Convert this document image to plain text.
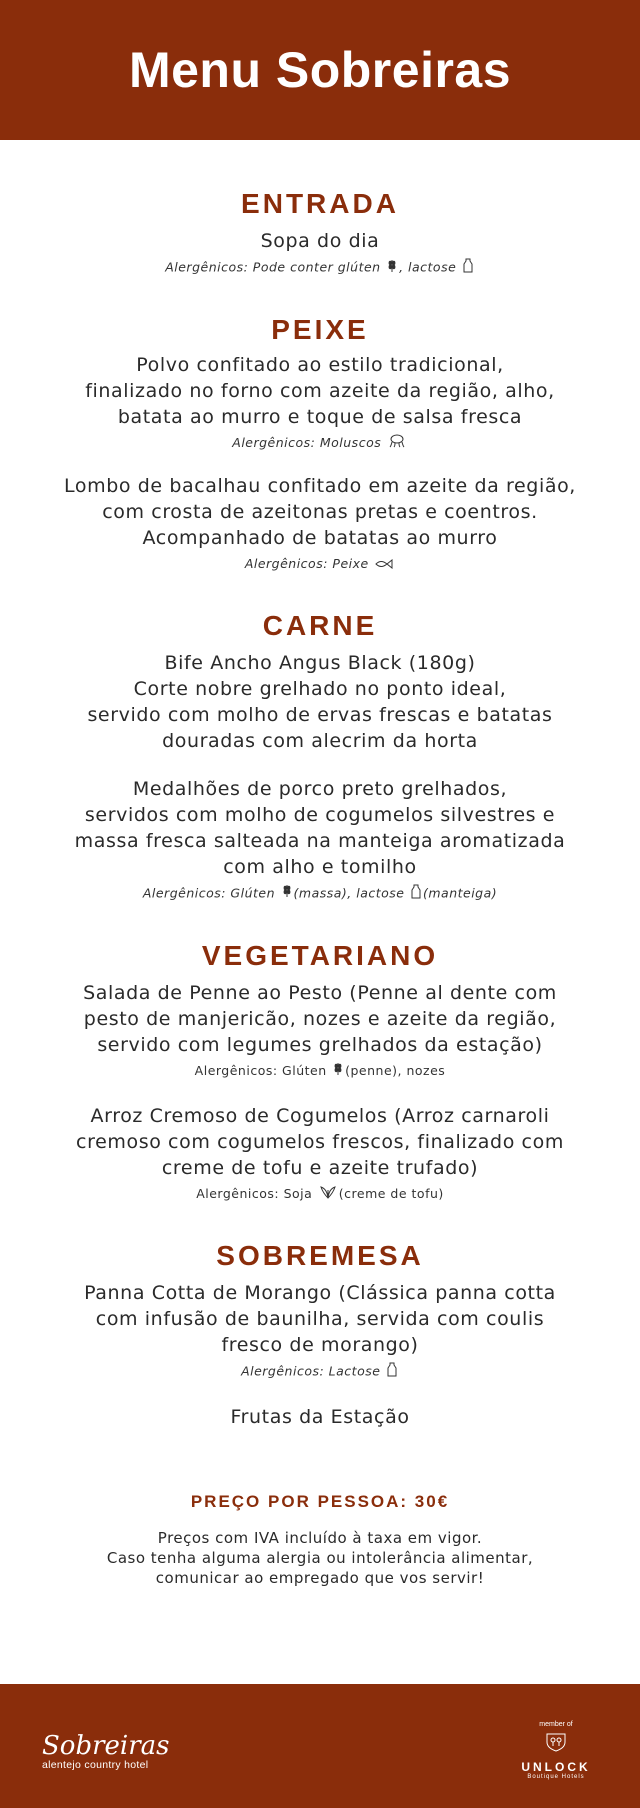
Menu Sobreiras
ENTRADA

Sopa do dia

Alergênicos: Pode conter glúten , lactose

PEIXE

Polvo confitado ao estilo tradicional,

finalizado no forno com azeite da região, alho,

batata ao murro e toque de salsa fresca

Alergênicos: Moluscos

Lombo de bacalhau confitado em azeite da região,

com crosta de azeitonas pretas e coentros.

Acompanhado de batatas ao murro

Alergênicos: Peixe

CARNE

Bife Ancho Angus Black (180g)

Corte nobre grelhado no ponto ideal,

servido com molho de ervas frescas e batatas

douradas com alecrim da horta

Medalhões de porco preto grelhados,

servidos com molho de cogumelos silvestres e

massa fresca salteada na manteiga aromatizada

com alho e tomilho

Alergênicos: Glúten (massa), lactose (manteiga)

VEGETARIANO

Salada de Penne ao Pesto (Penne al dente com

pesto de manjericão, nozes e azeite da região,

servido com legumes grelhados da estação)

Alergênicos: Glúten (penne), nozes

Arroz Cremoso de Cogumelos (Arroz carnaroli

cremoso com cogumelos frescos, finalizado com

creme de tofu e azeite trufado)

Alergênicos: Soja (creme de tofu)

SOBREMESA

Panna Cotta de Morango (Clássica panna cotta

com infusão de baunilha, servida com coulis

fresco de morango)

Alergênicos: Lactose

Frutas da Estação

PREÇO POR PESSOA: 30€

Preços com IVA incluído à taxa em vigor.

Caso tenha alguma alergia ou intolerância alimentar,

comunicar ao empregado que vos servir!

Sobreiras
alentejo country hotel
member of
UNLOCK
Boutique Hotels
